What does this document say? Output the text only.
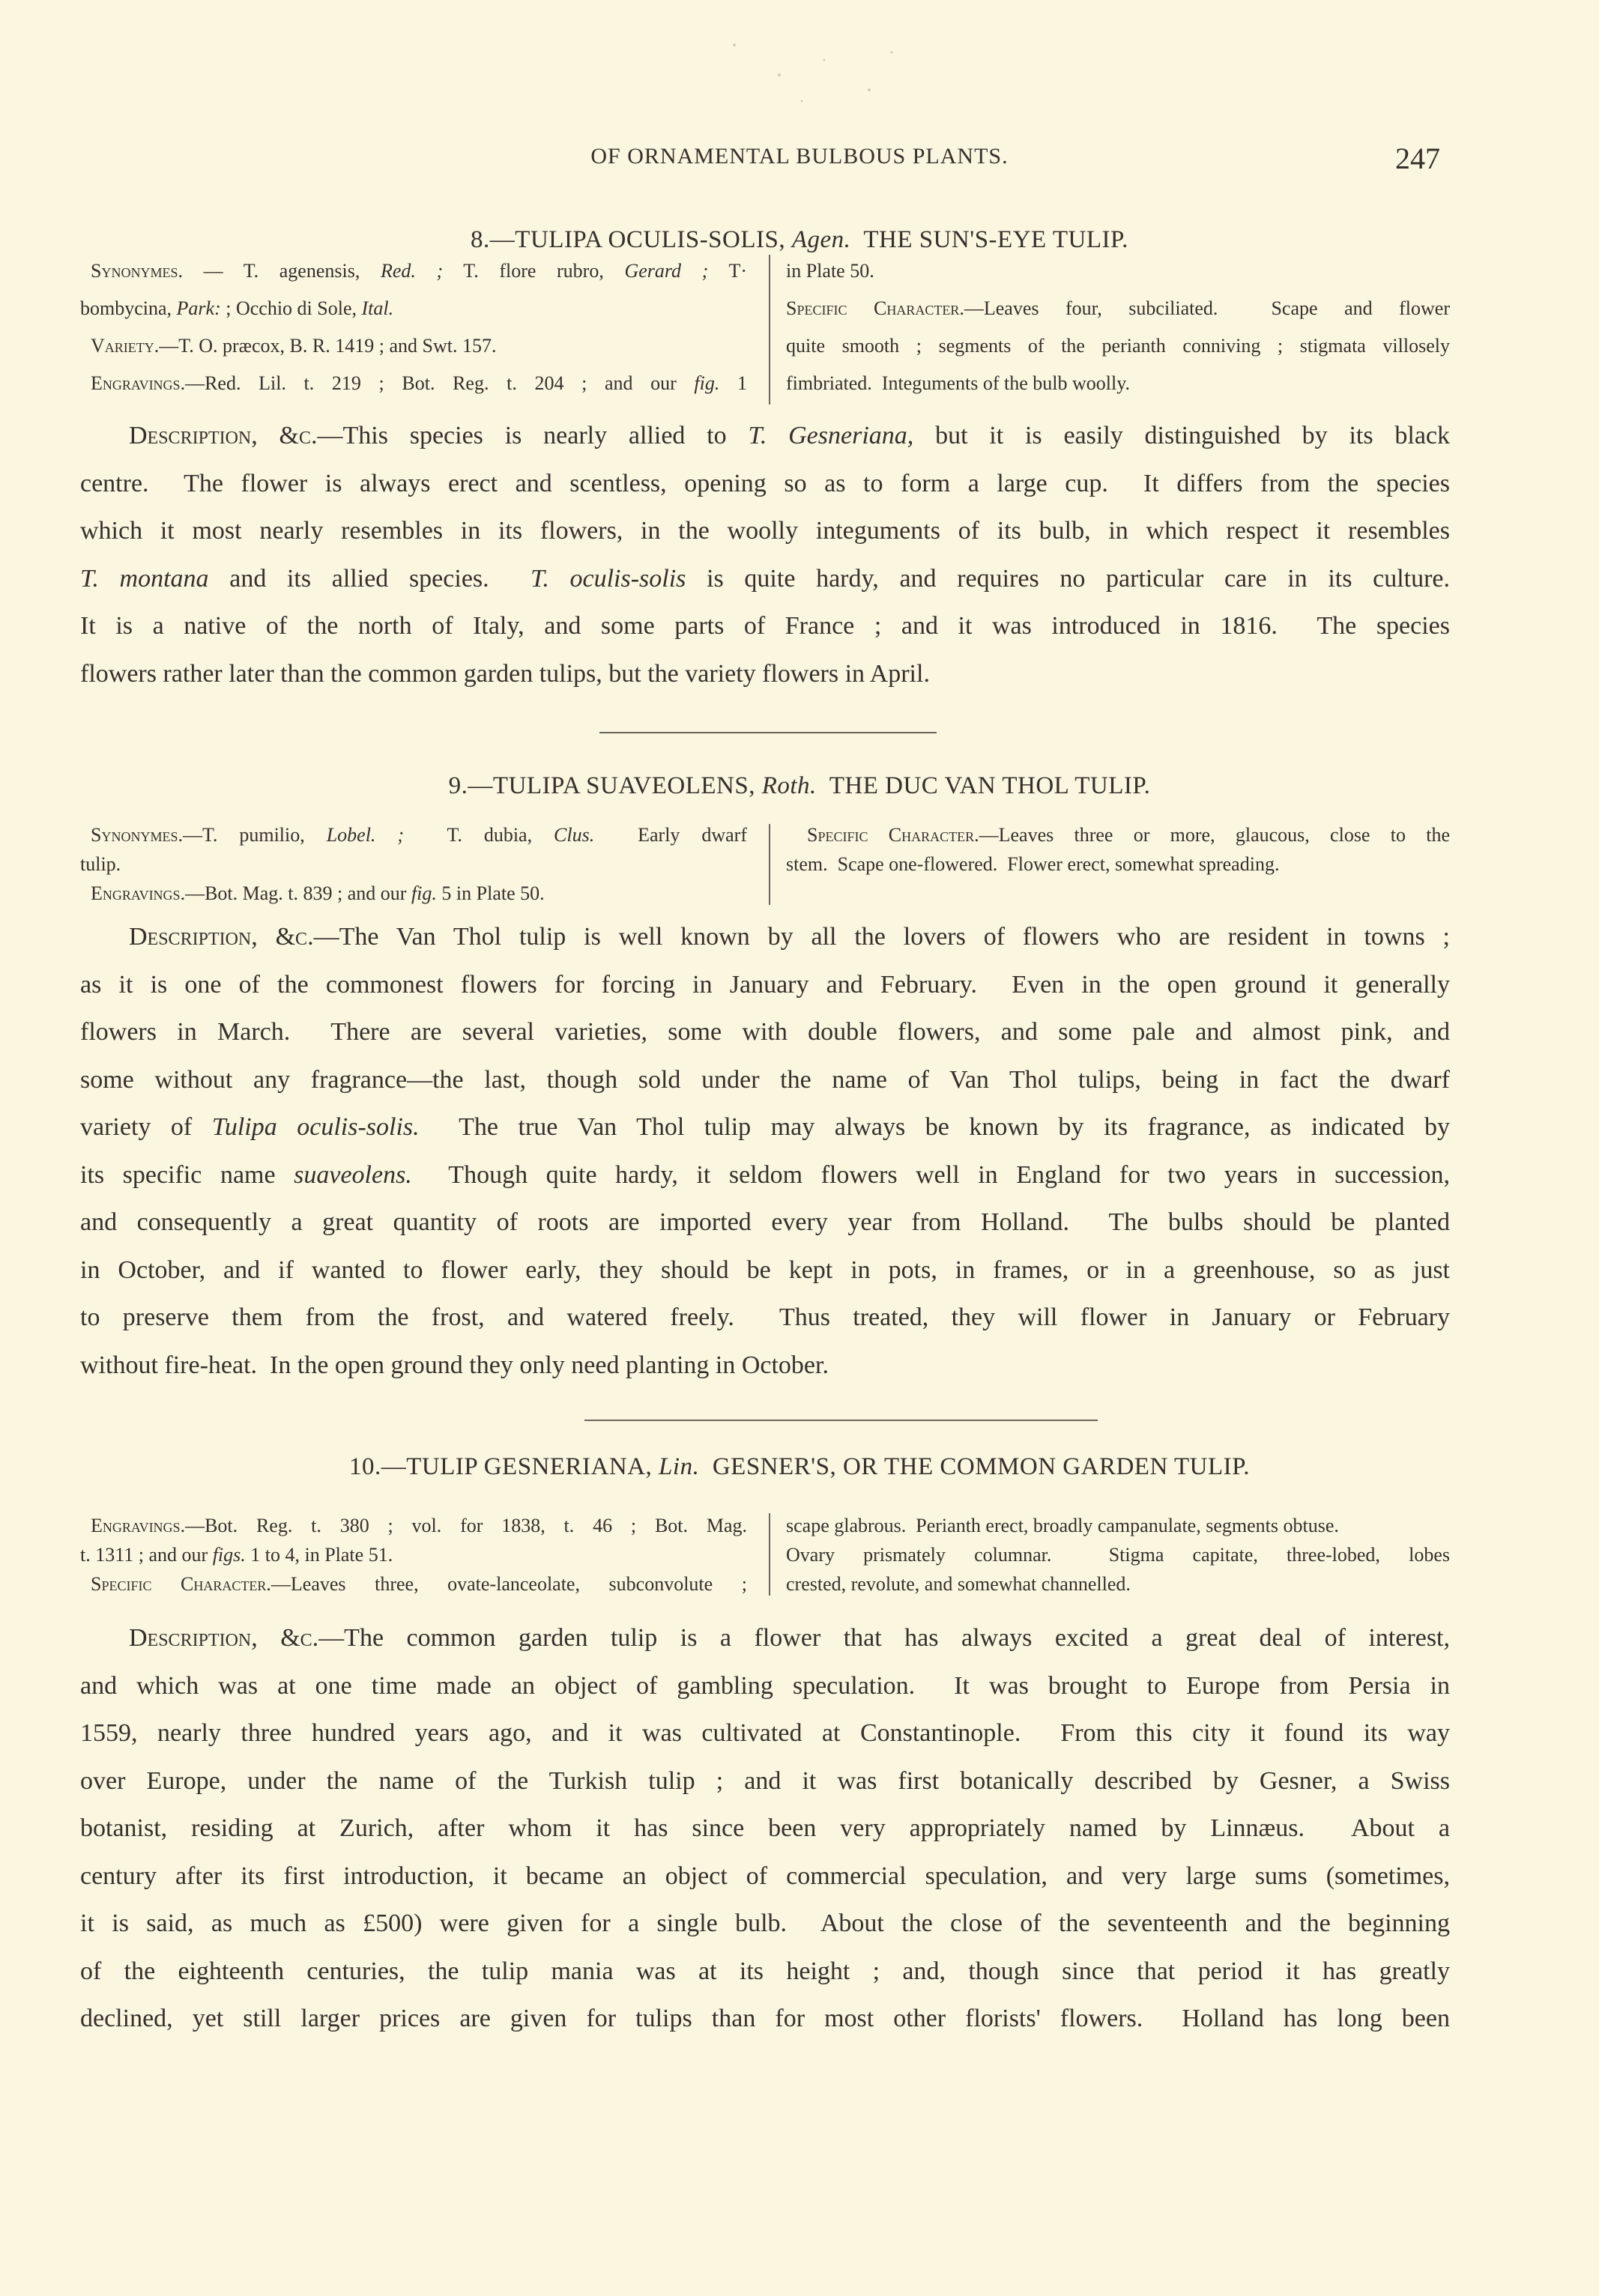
OF ORNAMENTAL BULBOUS PLANTS.	247
8.—TULIPA OCULIS-SOLIS, Agen.  THE SUN'S-EYE TULIP.
Synonymes. — T. agenensis, Red. ; T. flore rubro, Gerard ; T·
bombycina, Park: ; Occhio di Sole, Ital.
Variety.—T. O. præcox, B. R. 1419 ; and Swt. 157.
Engravings.—Red. Lil. t. 219 ; Bot. Reg. t. 204 ; and our fig. 1
in Plate 50.
Specific Character.—Leaves four, subciliated.  Scape and flower
quite smooth ; segments of the perianth conniving ; stigmata villosely
fimbriated.  Integuments of the bulb woolly.
Description, &c.—This species is nearly allied to T. Gesneriana, but it is easily distinguished by its black
centre.  The flower is always erect and scentless, opening so as to form a large cup.  It differs from the species
which it most nearly resembles in its flowers, in the woolly integuments of its bulb, in which respect it resembles
T. montana and its allied species.  T. oculis-solis is quite hardy, and requires no particular care in its culture.
It is a native of the north of Italy, and some parts of France ; and it was introduced in 1816.  The species
flowers rather later than the common garden tulips, but the variety flowers in April.
9.—TULIPA SUAVEOLENS, Roth.  THE DUC VAN THOL TULIP.
Synonymes.—T. pumilio, Lobel. ;  T. dubia, Clus.  Early dwarf
tulip.
Engravings.—Bot. Mag. t. 839 ; and our fig. 5 in Plate 50.
Specific Character.—Leaves three or more, glaucous, close to the
stem.  Scape one-flowered.  Flower erect, somewhat spreading.
Description, &c.—The Van Thol tulip is well known by all the lovers of flowers who are resident in towns ;
as it is one of the commonest flowers for forcing in January and February.  Even in the open ground it generally
flowers in March.  There are several varieties, some with double flowers, and some pale and almost pink, and
some without any fragrance—the last, though sold under the name of Van Thol tulips, being in fact the dwarf
variety of Tulipa oculis-solis.  The true Van Thol tulip may always be known by its fragrance, as indicated by
its specific name suaveolens.  Though quite hardy, it seldom flowers well in England for two years in succession,
and consequently a great quantity of roots are imported every year from Holland.  The bulbs should be planted
in October, and if wanted to flower early, they should be kept in pots, in frames, or in a greenhouse, so as just
to preserve them from the frost, and watered freely.  Thus treated, they will flower in January or February
without fire-heat.  In the open ground they only need planting in October.
10.—TULIP GESNERIANA, Lin.  GESNER'S, OR THE COMMON GARDEN TULIP.
Engravings.—Bot. Reg. t. 380 ; vol. for 1838, t. 46 ; Bot. Mag.
t. 1311 ; and our figs. 1 to 4, in Plate 51.
Specific Character.—Leaves three, ovate-lanceolate, subconvolute ;
scape glabrous.  Perianth erect, broadly campanulate, segments obtuse.
Ovary prismately columnar.  Stigma capitate, three-lobed, lobes
crested, revolute, and somewhat channelled.
Description, &c.—The common garden tulip is a flower that has always excited a great deal of interest,
and which was at one time made an object of gambling speculation.  It was brought to Europe from Persia in
1559, nearly three hundred years ago, and it was cultivated at Constantinople.  From this city it found its way
over Europe, under the name of the Turkish tulip ; and it was first botanically described by Gesner, a Swiss
botanist, residing at Zurich, after whom it has since been very appropriately named by Linnæus.  About a
century after its first introduction, it became an object of commercial speculation, and very large sums (sometimes,
it is said, as much as £500) were given for a single bulb.  About the close of the seventeenth and the beginning
of the eighteenth centuries, the tulip mania was at its height ; and, though since that period it has greatly
declined, yet still larger prices are given for tulips than for most other florists' flowers.  Holland has long been
